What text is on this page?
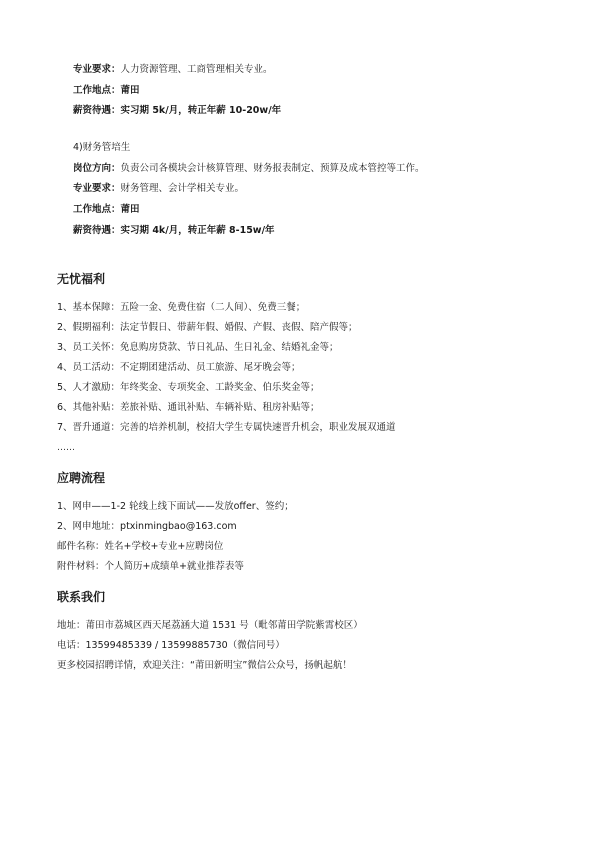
专业要求：人力资源管理、工商管理相关专业。
工作地点：莆田
薪资待遇：实习期 5k/月，转正年薪 10-20w/年
4)财务管培生
岗位方向：负责公司各模块会计核算管理、财务报表制定、预算及成本管控等工作。
专业要求：财务管理、会计学相关专业。
工作地点：莆田
薪资待遇：实习期 4k/月，转正年薪 8-15w/年
无忧福利
1、基本保障：五险一金、免费住宿（二人间）、免费三餐；
2、假期福利：法定节假日、带薪年假、婚假、产假、丧假、陪产假等；
3、员工关怀：免息购房贷款、节日礼品、生日礼金、结婚礼金等；
4、员工活动：不定期团建活动、员工旅游、尾牙晚会等；
5、人才激励：年终奖金、专项奖金、工龄奖金、伯乐奖金等；
6、其他补贴：差旅补贴、通讯补贴、车辆补贴、租房补贴等；
7、晋升通道：完善的培养机制，校招大学生专属快速晋升机会，职业发展双通道
……
应聘流程
1、网申——1-2 轮线上线下面试——发放offer、签约；
2、网申地址：ptxinmingbao@163.com
邮件名称：姓名+学校+专业+应聘岗位
附件材料：个人简历+成绩单+就业推荐表等
联系我们
地址：莆田市荔城区西天尾荔涵大道 1531 号（毗邻莆田学院紫霄校区）
电话：13599485339 / 13599885730（微信同号）
更多校园招聘详情，欢迎关注：“莆田新明宝”微信公众号，扬帆起航！
